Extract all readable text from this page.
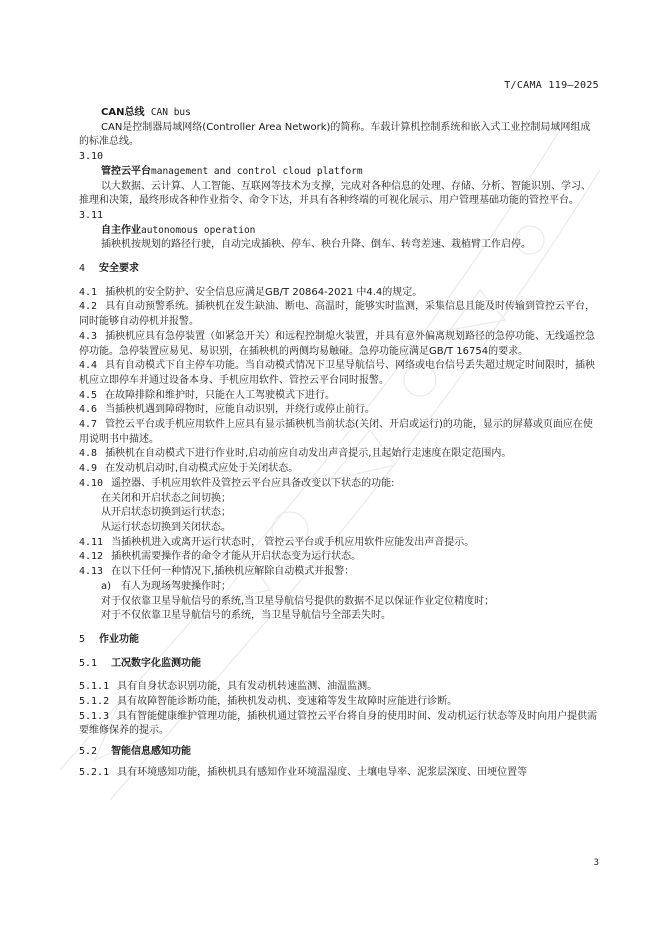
T/CAMA 119—2025
CAN总线 CAN bus

CAN是控制器局域网络(Controller Area Network)的简称。车载计算机控制系统和嵌入式工业控制局域网组成的标准总线。

3.10
管控云平台management and control cloud platform

以大数据、云计算、人工智能、互联网等技术为支撑，完成对各种信息的处理、存储、分析、智能识别、学习、推理和决策，最终形成各种作业指令、命令下达，并具有各种终端的可视化展示、用户管理基础功能的管控平台。

3.11
自主作业autonomous operation

插秧机按规划的路径行驶，自动完成插秧、停车、秧台升降、倒车、转弯差速、栽植臂工作启停。

4 安全要求
4.1 插秧机的安全防护、安全信息应满足GB/T 20864-2021 中4.4的规定。
4.2 具有自动预警系统。插秧机在发生缺油、断电、高温时，能够实时监测，采集信息且能及时传输到管控云平台，同时能够自动停机并报警。
4.3 插秧机应具有急停装置（如紧急开关）和远程控制熄火装置，并具有意外偏离规划路径的急停功能、无线遥控急停功能。急停装置应易见、易识别，在插秧机的两侧均易触碰。急停功能应满足GB/T 16754的要求。
4.4 具有自动模式下自主停车功能。当自动模式情况下卫星导航信号、网络或电台信号丢失超过规定时间限时，插秧机应立即停车并通过设备本身、手机应用软件、管控云平台同时报警。
4.5 在故障排除和维护时，只能在人工驾驶模式下进行。
4.6 当插秧机遇到障碍物时，应能自动识别，并绕行或停止前行。
4.7 管控云平台或手机应用软件上应具有显示插秧机当前状态(关闭、开启或运行)的功能，显示的屏幕或页面应在使用说明书中描述。
4.8 插秧机在自动模式下进行作业时,启动前应自动发出声音提示,且起始行走速度在限定范围内。
4.9 在发动机启动时,自动模式应处于关闭状态。
4.10 遥控器、手机应用软件及管控云平台应具备改变以下状态的功能:
在关闭和开启状态之间切换；
从开启状态切换到运行状态；
从运行状态切换到关闭状态。
4.11 当插秧机进入或离开运行状态时， 管控云平台或手机应用软件应能发出声音提示。
4.12 插秧机需要操作者的命令才能从开启状态变为运行状态。
4.13 在以下任何一种情况下,插秧机应解除自动模式并报警：
a)　有人为现场驾驶操作时；
对于仅依靠卫星导航信号的系统,当卫星导航信号提供的数据不足以保证作业定位精度时；
对于不仅依靠卫星导航信号的系统，当卫星导航信号全部丢失时。
5 作业功能
5.1 工况数字化监测功能
5.1.1 具有自身状态识别功能，具有发动机转速监测、油温监测。
5.1.2 具有故障智能诊断功能，插秧机发动机、变速箱等发生故障时应能进行诊断。
5.1.3 具有智能健康维护管理功能，插秧机通过管控云平台将自身的使用时间、发动机运行状态等及时向用户提供需要维修保养的提示。
5.2 智能信息感知功能
5.2.1 具有环境感知功能，插秧机具有感知作业环境温湿度、土壤电导率、泥浆层深度、田埂位置等
3
